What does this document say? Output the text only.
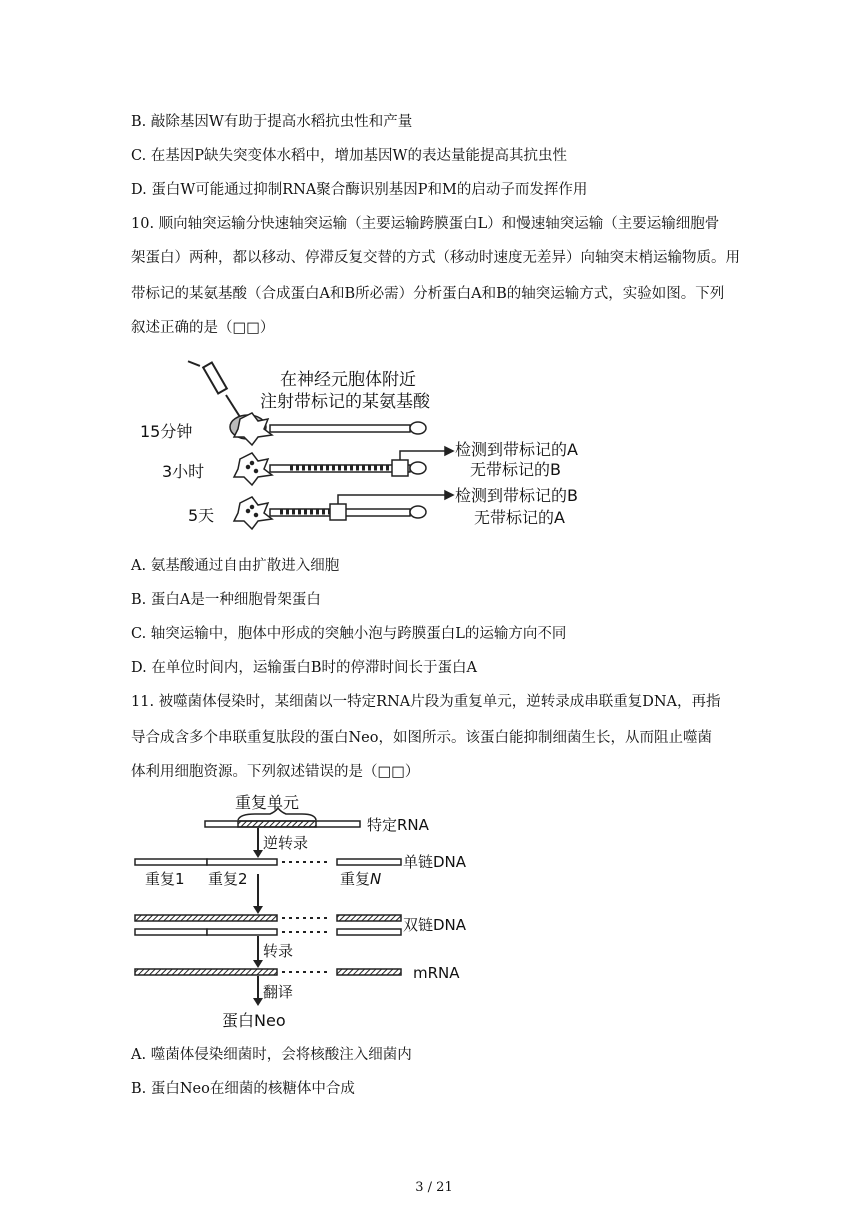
B. 敲除基因W有助于提高水稻抗虫性和产量
C. 在基因P缺失突变体水稻中，增加基因W的表达量能提高其抗虫性
D. 蛋白W可能通过抑制RNA聚合酶识别基因P和M的启动子而发挥作用
10. 顺向轴突运输分快速轴突运输（主要运输跨膜蛋白L）和慢速轴突运输（主要运输细胞骨
架蛋白）两种，都以移动、停滞反复交替的方式（移动时速度无差异）向轴突末梢运输物质。用
带标记的某氨基酸（合成蛋白A和B所必需）分析蛋白A和B的轴突运输方式，实验如图。下列
叙述正确的是（□□）
在神经元胞体附近
注射带标记的某氨基酸
15分钟
3小时
检测到带标记的A
无带标记的B
5天
检测到带标记的B
无带标记的A
A. 氨基酸通过自由扩散进入细胞
B. 蛋白A是一种细胞骨架蛋白
C. 轴突运输中，胞体中形成的突触小泡与跨膜蛋白L的运输方向不同
D. 在单位时间内，运输蛋白B时的停滞时间长于蛋白A
11. 被噬菌体侵染时，某细菌以一特定RNA片段为重复单元，逆转录成串联重复DNA，再指
导合成含多个串联重复肽段的蛋白Neo，如图所示。该蛋白能抑制细菌生长，从而阻止噬菌
体利用细胞资源。下列叙述错误的是（□□）
重复单元
特定RNA
逆转录
单链DNA
重复1 重复2	重复N
双链DNA
转录
mRNA
翻译
蛋白Neo
A. 噬菌体侵染细菌时，会将核酸注入细菌内
B. 蛋白Neo在细菌的核糖体中合成
3 / 21
